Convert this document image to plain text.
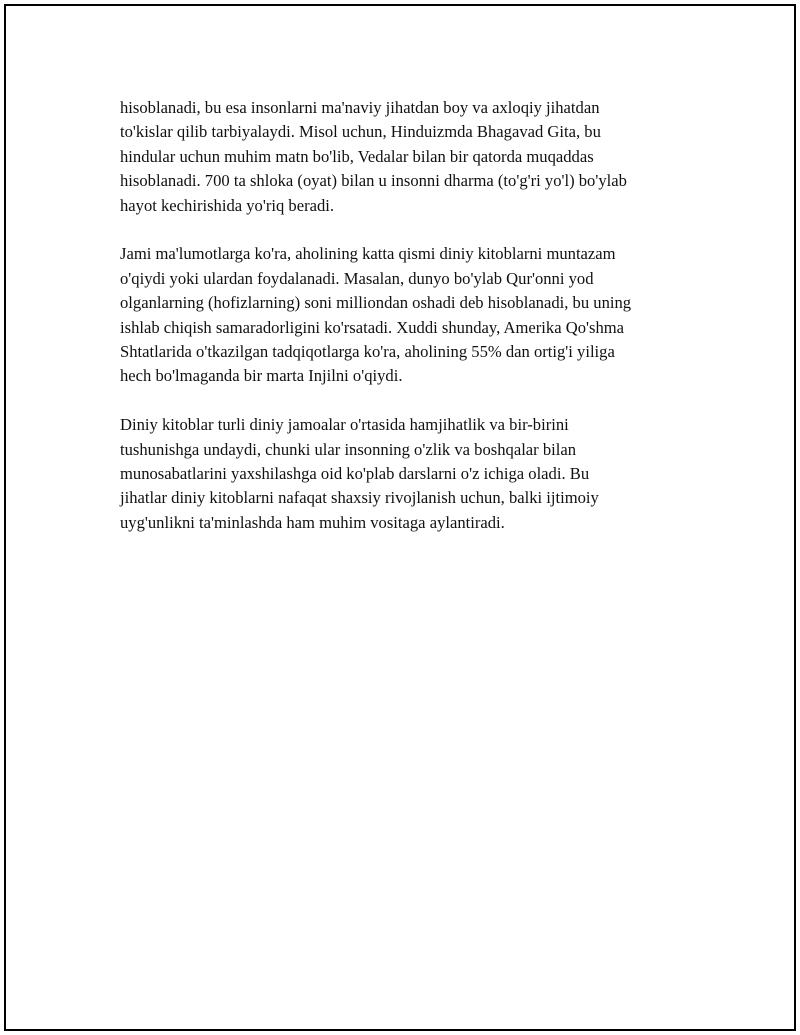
hisoblanadi, bu esa insonlarni ma'naviy jihatdan boy va axloqiy jihatdan
to'kislar qilib tarbiyalaydi. Misol uchun, Hinduizmda Bhagavad Gita, bu
hindular uchun muhim matn bo'lib, Vedalar bilan bir qatorda muqaddas
hisoblanadi. 700 ta shloka (oyat) bilan u insonni dharma (to'g'ri yo'l) bo'ylab
hayot kechirishida yo'riq beradi.

Jami ma'lumotlarga ko'ra, aholining katta qismi diniy kitoblarni muntazam
o'qiydi yoki ulardan foydalanadi. Masalan, dunyo bo'ylab Qur'onni yod
olganlarning (hofizlarning) soni milliondan oshadi deb hisoblanadi, bu uning
ishlab chiqish samaradorligini ko'rsatadi. Xuddi shunday, Amerika Qo'shma
Shtatlarida o'tkazilgan tadqiqotlarga ko'ra, aholining 55% dan ortig'i yiliga
hech bo'lmaganda bir marta Injilni o'qiydi.

Diniy kitoblar turli diniy jamoalar o'rtasida hamjihatlik va bir-birini
tushunishga undaydi, chunki ular insonning o'zlik va boshqalar bilan
munosabatlarini yaxshilashga oid ko'plab darslarni o'z ichiga oladi. Bu
jihatlar diniy kitoblarni nafaqat shaxsiy rivojlanish uchun, balki ijtimoiy
uyg'unlikni ta'minlashda ham muhim vositaga aylantiradi.
